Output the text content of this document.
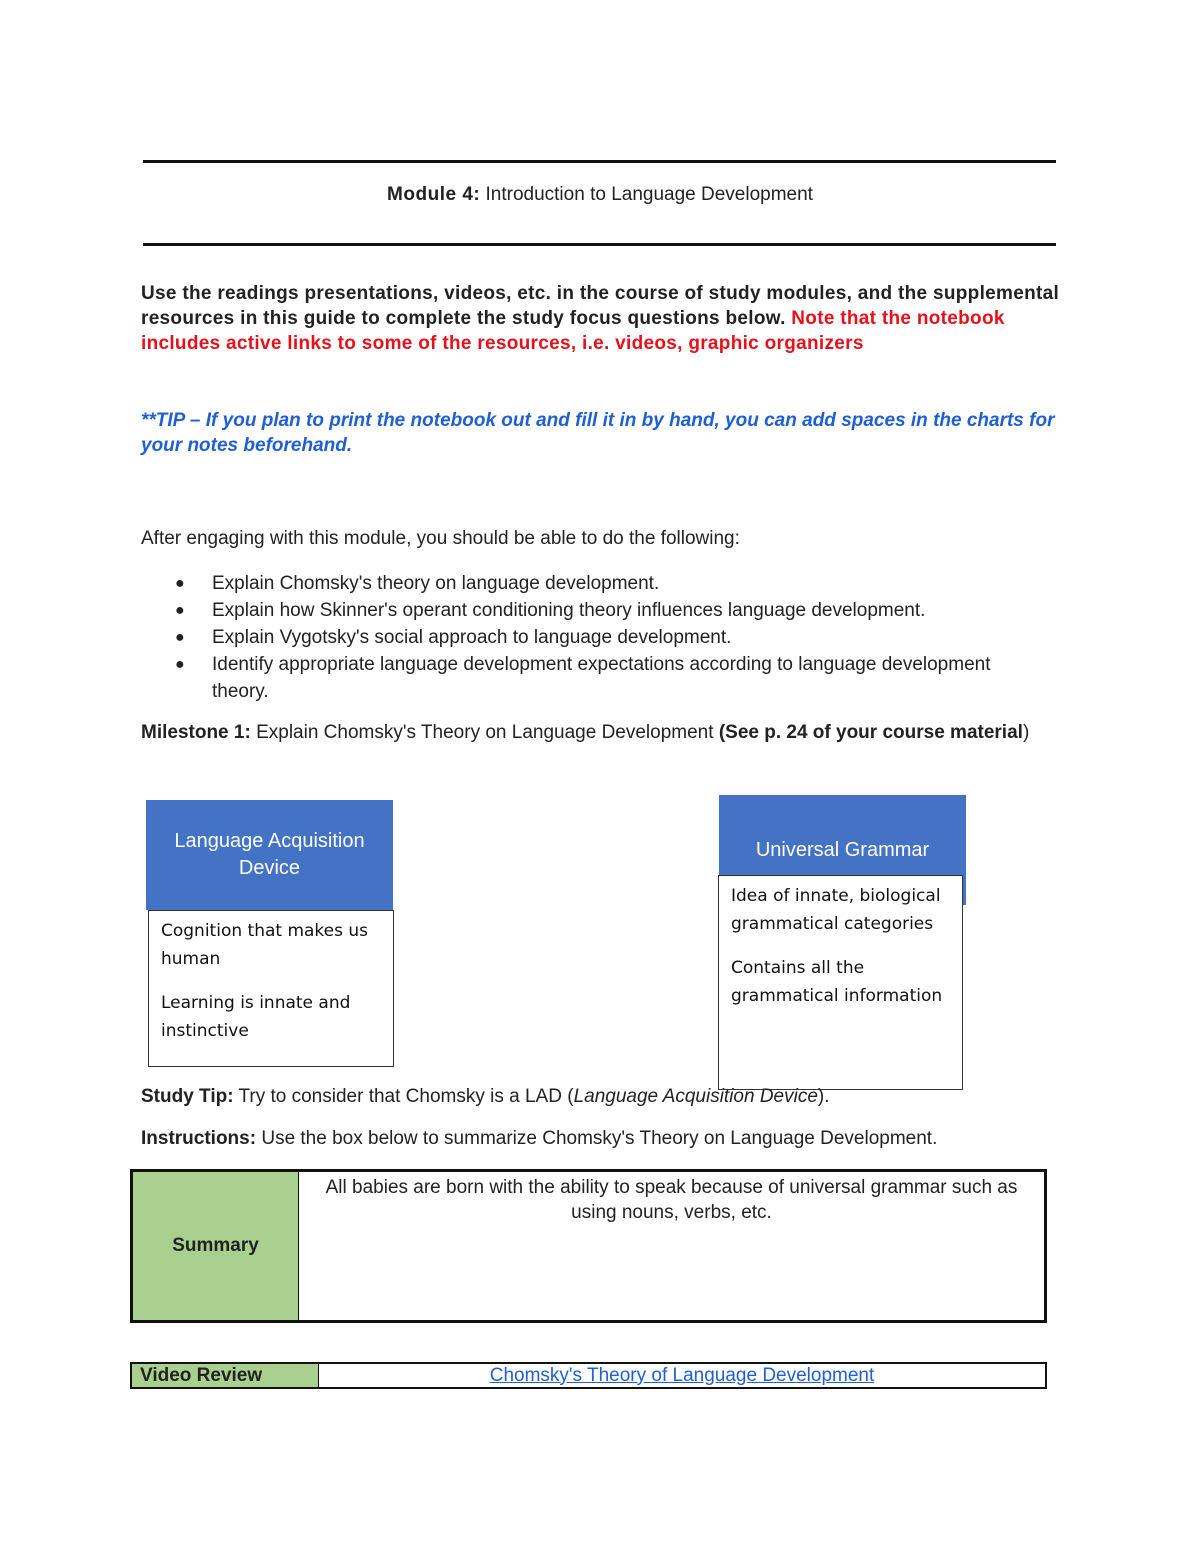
Module 4: Introduction to Language Development
Use the readings presentations, videos, etc. in the course of study modules, and the supplemental resources in this guide to complete the study focus questions below. Note that the notebook includes active links to some of the resources, i.e. videos, graphic organizers
**TIP – If you plan to print the notebook out and fill it in by hand, you can add spaces in the charts for your notes beforehand.
After engaging with this module, you should be able to do the following:
● Explain Chomsky's theory on language development.
● Explain how Skinner's operant conditioning theory influences language development.
● Explain Vygotsky's social approach to language development.
● Identify appropriate language development expectations according to language development theory.
Milestone 1: Explain Chomsky's Theory on Language Development (See p. 24 of your course material)
Language Acquisition Device

Cognition that makes us human

Learning is innate and instinctive

Universal Grammar

Idea of innate, biological grammatical categories

Contains all the grammatical information

Study Tip: Try to consider that Chomsky is a LAD (Language Acquisition Device).
Instructions: Use the box below to summarize Chomsky's Theory on Language Development.
Summary	All babies are born with the ability to speak because of universal grammar such as using nouns, verbs, etc.
Video Review	Chomsky's Theory of Language Development
